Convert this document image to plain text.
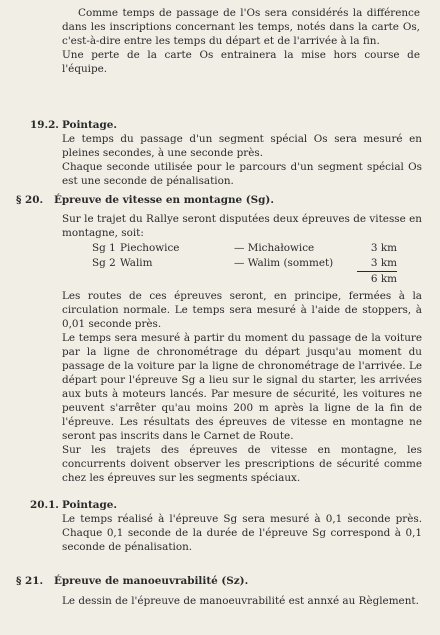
Comme temps de passage de l'Os sera considérés la différence dans les inscriptions concernant les temps, notés dans la carte Os, c'est-à-dire entre les temps du départ et de l'arrivée à la fin.

Une perte de la carte Os entrainera la mise hors course de l'équipe.

19.2. Pointage.

Le temps du passage d'un segment spécial Os sera mesuré en pleines secondes, à une seconde près.

Chaque seconde utilisée pour le parcours d'un segment spécial Os est une seconde de pénalisation.

§ 20. Épreuve de vitesse en montagne (Sg).

Sur le trajet du Rallye seront disputées deux épreuves de vitesse en montagne, soit:

Sg 1	Piechowice	— Michałowice	3 km
Sg 2	Walim	— Walim (sommet)	3 km
			6 km

Les routes de ces épreuves seront, en principe, fermées à la circulation normale. Le temps sera mesuré à l'aide de stoppers, à 0,01 seconde près.

Le temps sera mesuré à partir du moment du passage de la voiture par la ligne de chronométrage du départ jusqu'au moment du passage de la voiture par la ligne de chronométrage de l'arrivée. Le départ pour l'épreuve Sg a lieu sur le signal du starter, les arrivées aux buts à moteurs lancés. Par mesure de sécurité, les voitures ne peuvent s'arrêter qu'au moins 200 m après la ligne de la fin de l'épreuve. Les résultats des épreuves de vitesse en montagne ne seront pas inscrits dans le Carnet de Route.

Sur les trajets des épreuves de vitesse en montagne, les concurrents doivent observer les prescriptions de sécurité comme chez les épreuves sur les segments spéciaux.

20.1. Pointage.

Le temps réalisé à l'épreuve Sg sera mesuré à 0,1 seconde près. Chaque 0,1 seconde de la durée de l'épreuve Sg correspond à 0,1 seconde de pénalisation.

§ 21. Épreuve de manoeuvrabilité (Sz).

Le dessin de l'épreuve de manoeuvrabilité est annxé au Règlement.
